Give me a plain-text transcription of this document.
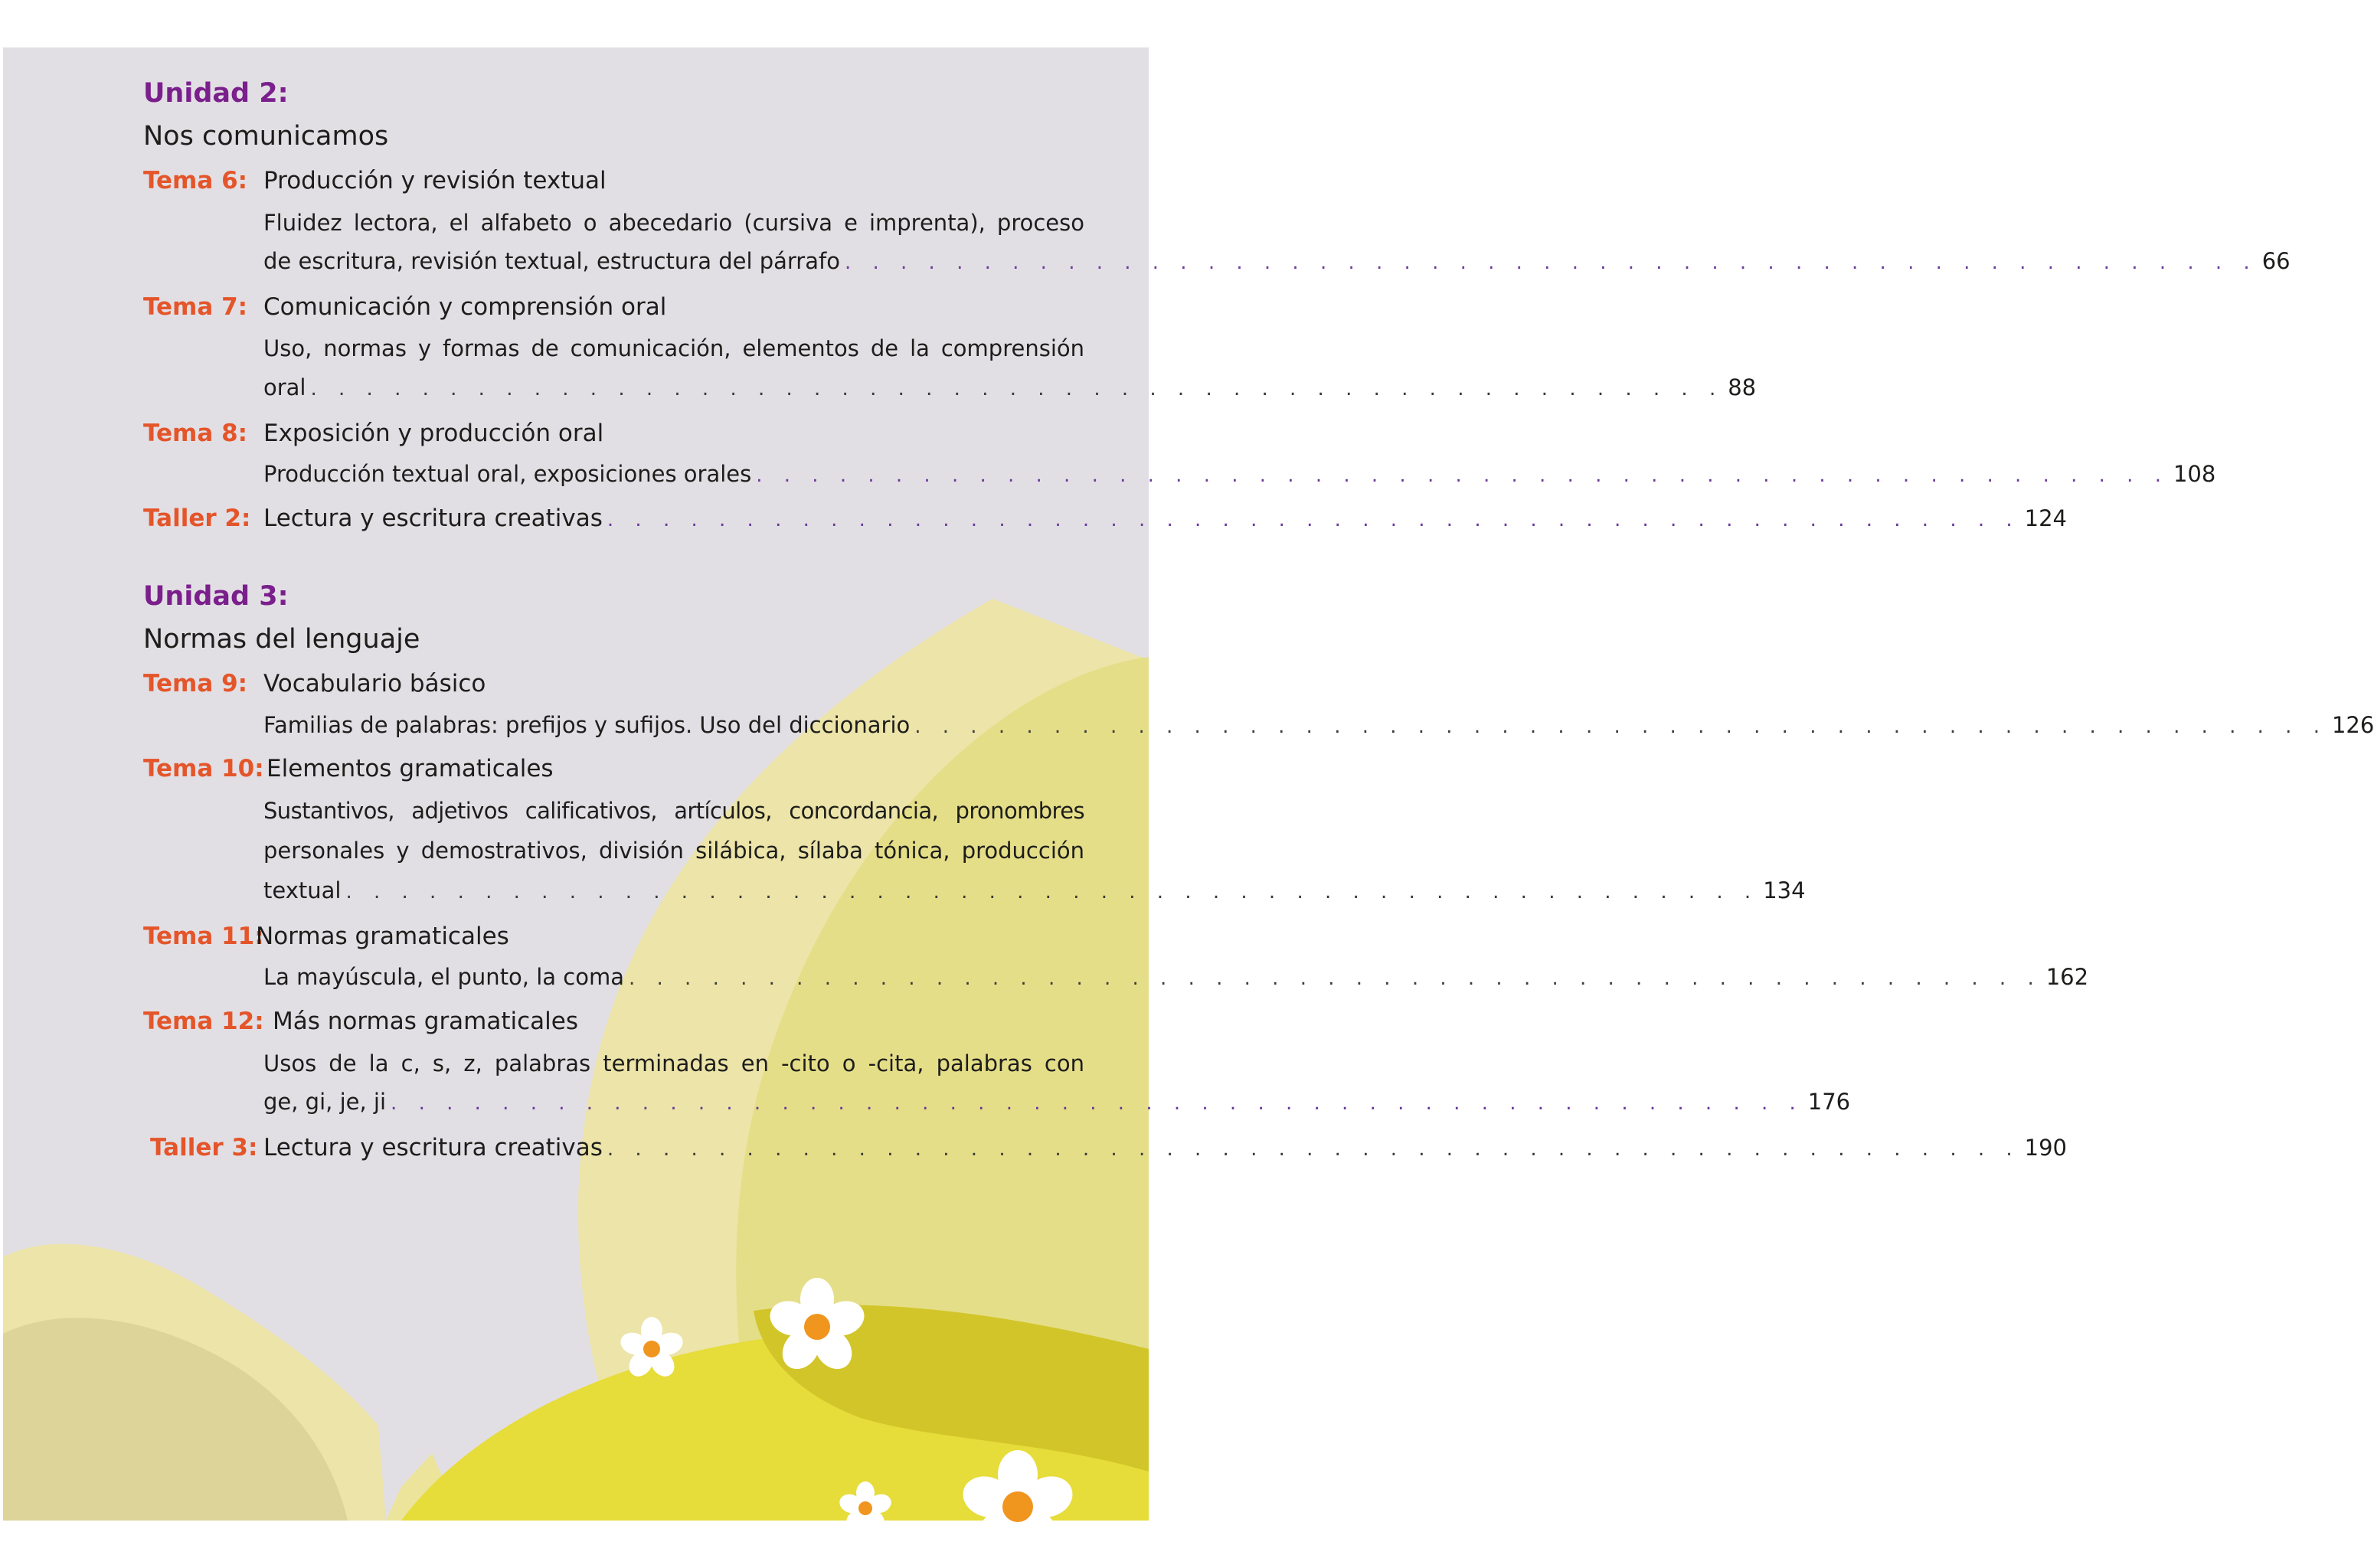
Unidad 2:
Nos comunicamos
Tema 6: Producción y revisión textual
Fluidez lectora, el alfabeto o abecedario (cursiva e imprenta), proceso
de escritura, revisión textual, estructura del párrafo . . . . . . . . . . . . . . . . . . . . . . . . . . . . . . . . . . . . . . . . . . . . . . . . . . . 66
Tema 7: Comunicación y comprensión oral
Uso, normas y formas de comunicación, elementos de la comprensión
oral . . . . . . . . . . . . . . . . . . . . . . . . . . . . . . . . . . . . . . . . . . . . . . . . . . . 88
Tema 8: Exposición y producción oral
Producción textual oral, exposiciones orales . . . . . . . . . . . . . . . . . . . . . . . . . . . . . . . . . . . . . . . . . . . . . . . . . . . 108
Taller 2: Lectura y escritura creativas . . . . . . . . . . . . . . . . . . . . . . . . . . . . . . . . . . . . . . . . . . . . . . . . . . . 124
Unidad 3:
Normas del lenguaje
Tema 9: Vocabulario básico
Familias de palabras: prefijos y sufijos. Uso del diccionario . . . . . . . . . . . . . . . . . . . . . . . . . . . . . . . . . . . . . . . . . . . . . . . . . . . 126
Tema 10: Elementos gramaticales
Sustantivos, adjetivos calificativos, artículos, concordancia, pronombres
personales y demostrativos, división silábica, sílaba tónica, producción
textual . . . . . . . . . . . . . . . . . . . . . . . . . . . . . . . . . . . . . . . . . . . . . . . . . . . 134
Tema 11:
Normas gramaticales
La mayúscula, el punto, la coma . . . . . . . . . . . . . . . . . . . . . . . . . . . . . . . . . . . . . . . . . . . . . . . . . . . 162
Tema 12: Más normas gramaticales
Usos de la c, s, z, palabras terminadas en -cito o -cita, palabras con
ge, gi, je, ji . . . . . . . . . . . . . . . . . . . . . . . . . . . . . . . . . . . . . . . . . . . . . . . . . . . 176
Taller 3: Lectura y escritura creativas . . . . . . . . . . . . . . . . . . . . . . . . . . . . . . . . . . . . . . . . . . . . . . . . . . . 190
